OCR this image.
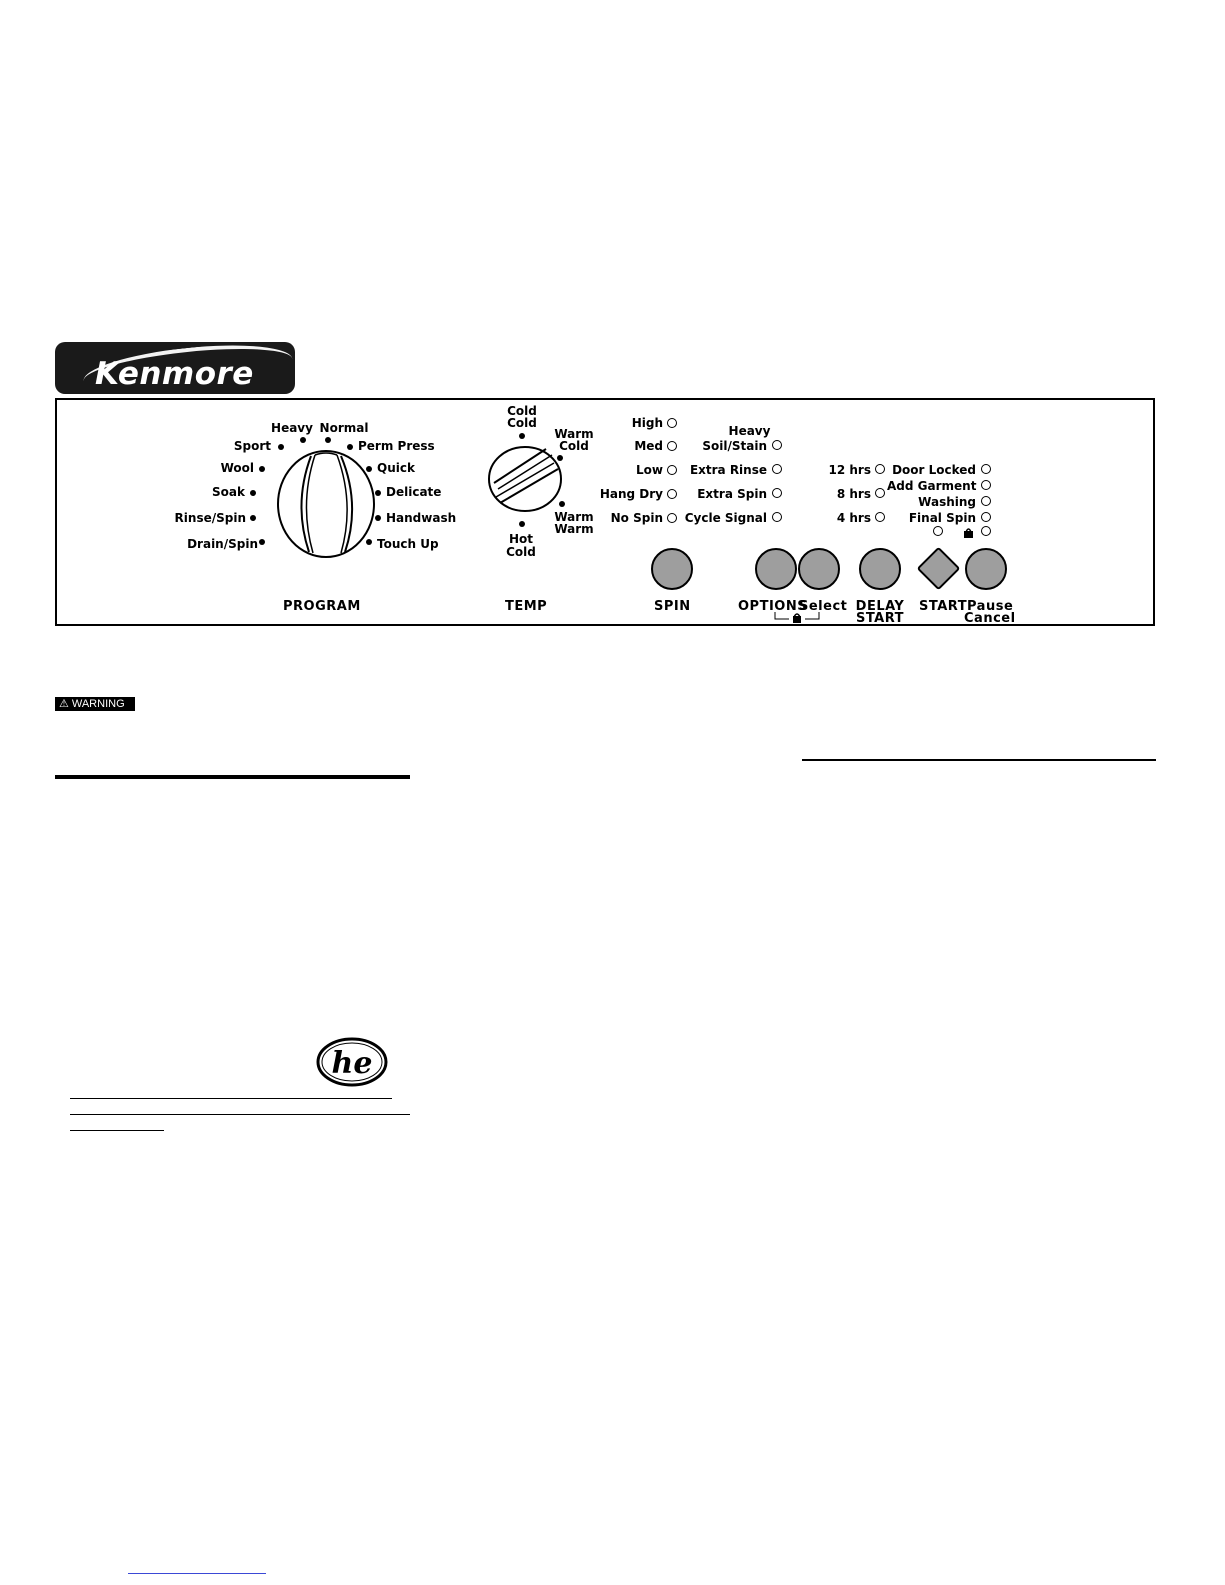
Kenmore
Sport
Wool
Soak
Rinse/Spin
Drain/Spin
Heavy Normal
Perm Press
Quick
Delicate
Handwash
Touch Up
PROGRAM
Cold
Cold
Warm
Cold
Warm
Warm
Hot
Cold
TEMP
High
Med
Low
Hang Dry
No Spin
SPIN
Heavy
Soil/Stain
Extra Rinse
Extra Spin
Cycle Signal
OPTIONS
Select
12 hrs
8 hrs
4 hrs
DELAY
START
Door Locked
Add Garment
Washing
Final Spin
START Pause
Cancel
⚠ WARNING
he
